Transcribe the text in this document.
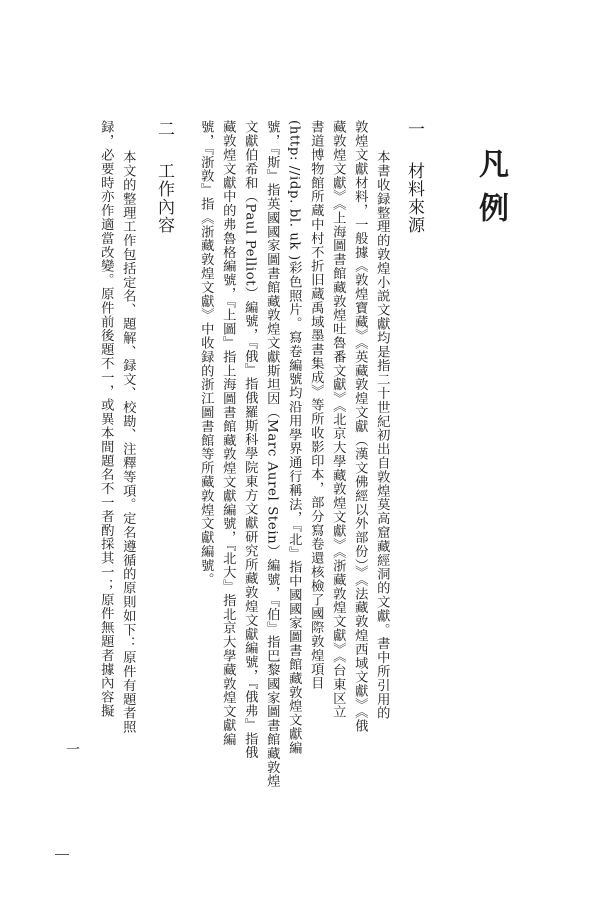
凡例
一材料來源
本書收録整理的敦煌小説文獻均是指二十世紀初出自敦煌莫高窟藏經洞的文獻。書中所引用的
敦煌文獻材料，一般據《敦煌寶藏》《英藏敦煌文獻（漢文佛經以外部份）》《法藏敦煌西域文獻》《俄
藏敦煌文獻》《上海圖書館藏敦煌吐魯番文獻》《北京大學藏敦煌文獻》《浙藏敦煌文獻》《台東区立
書道博物館所蔵中村不折旧蔵禹域墨書集成》等所收影印本，部分寫卷還核檢了國際敦煌項目
(http: //idp. bl. uk )彩色照片。寫卷編號均沿用學界通行稱法，『北』指中國國家圖書館藏敦煌文獻編
號，『斯』指英國國家圖書館藏敦煌文獻斯坦因（Marc Aurel Stein）編號，『伯』指巴黎國家圖書館藏敦煌
文獻伯希和（Paul Pelliot）編號，『俄』指俄羅斯科學院東方文獻研究所藏敦煌文獻編號，『俄弗』指俄
藏敦煌文獻中的弗魯格編號，『上圖』指上海圖書館藏敦煌文獻編號，『北大』指北京大學藏敦煌文獻編
號，『浙敦』指《浙藏敦煌文獻》中收録的浙江圖書館等所藏敦煌文獻編號。
二工作內容
本文的整理工作包括定名、題解、録文、校勘、注釋等項。定名遵循的原則如下：原件有題者照
録，必要時亦作適當改變。原件前後題不一，或異本間題名不一者酌採其一；原件無題者據內容擬
一
